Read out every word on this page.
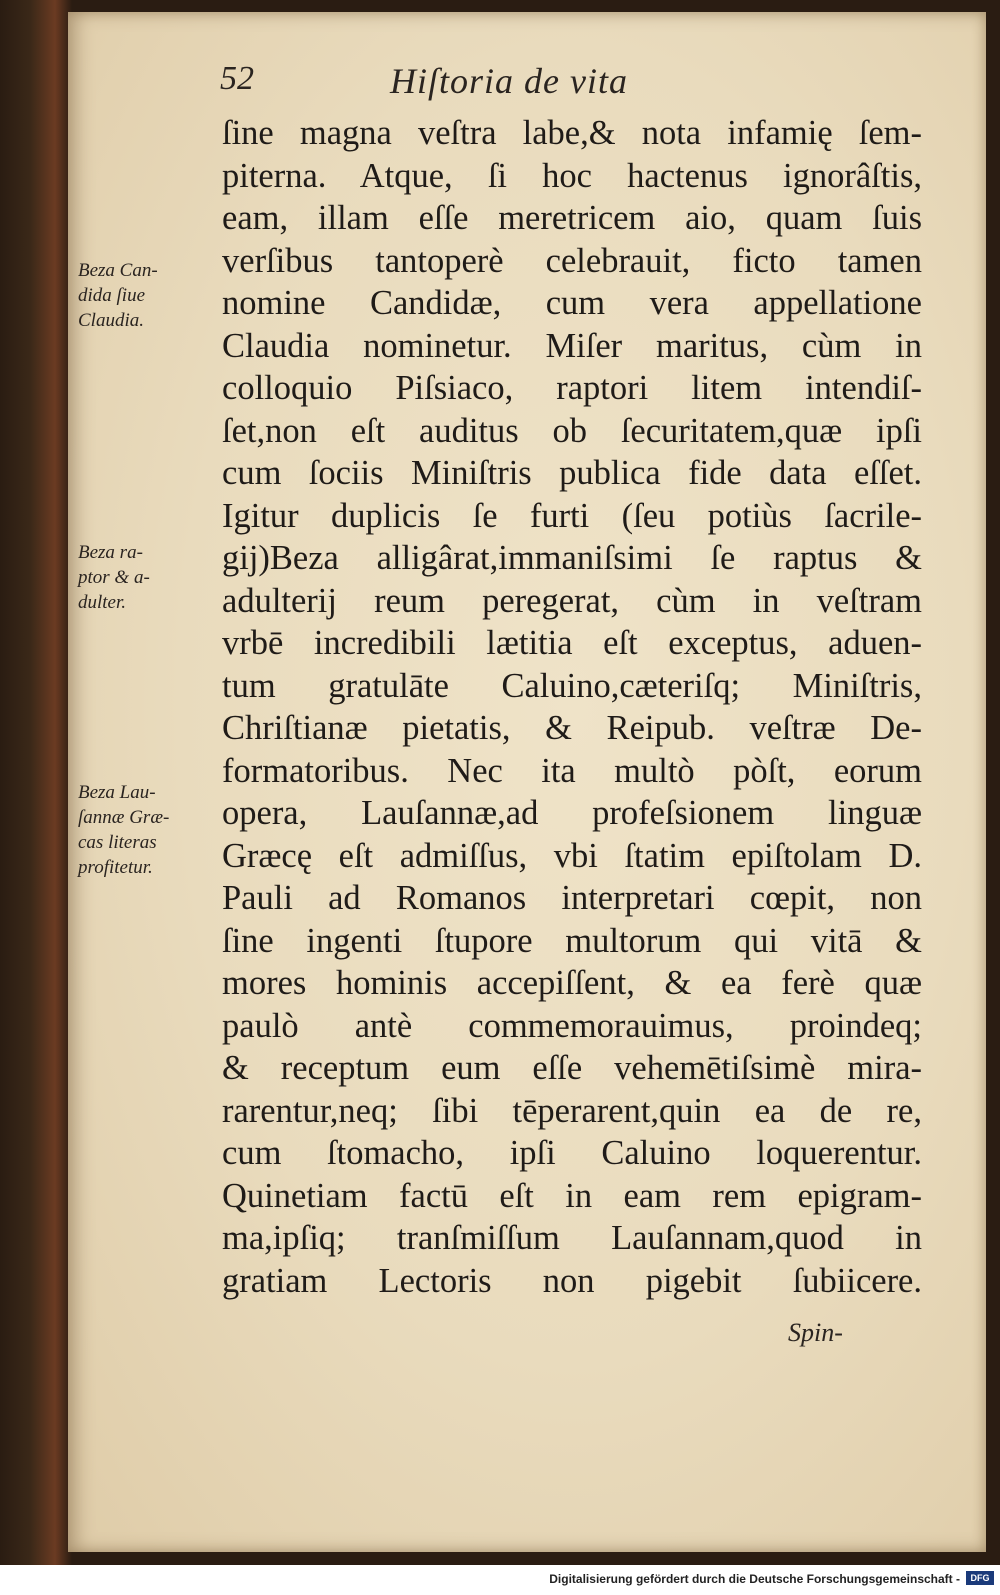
52	Hiſtoria de vita
ſine magna veſtra labe,& nota infamię ſem-
piterna. Atque, ſi hoc hactenus ignorâſtis,
eam, illam eſſe meretricem aio, quam ſuis
verſibus tantoperè celebrauit, ficto tamen
nomine Candidæ, cum vera appellatione
Claudia nominetur. Miſer maritus, cùm in
colloquio Piſsiaco, raptori litem intendiſ-
ſet,non eſt auditus ob ſecuritatem,quæ ipſi
cum ſociis Miniſtris publica fide data eſſet.
Igitur duplicis ſe furti (ſeu potiùs ſacrile-
gij)Beza alligârat,immaniſsimi ſe raptus &
adulterij reum peregerat, cùm in veſtram
vrbē incredibili lætitia eſt exceptus, aduen-
tum gratulāte Caluino,cæteriſq; Miniſtris,
Chriſtianæ pietatis, & Reipub. veſtræ De-
formatoribus. Nec ita multò pòſt, eorum
opera, Lauſannæ,ad profeſsionem linguæ
Græcę eſt admiſſus, vbi ſtatim epiſtolam D.
Pauli ad Romanos interpretari cœpit, non
ſine ingenti ſtupore multorum qui vitā &
mores hominis accepiſſent, & ea ferè quæ
paulò antè commemorauimus, proindeq;
& receptum eum eſſe vehemētiſsimè mira-
rarentur,neq; ſibi tēperarent,quin ea de re,
cum ſtomacho, ipſi Caluino loquerentur.
Quinetiam factū eſt in eam rem epigram-
ma,ipſiq; tranſmiſſum Lauſannam,quod in
gratiam Lectoris non pigebit ſubiicere.
Beza Can-
dida ſiue
Claudia.
Beza ra-
ptor & a-
dulter.
Beza Lau-
ſannæ Græ-
cas literas
profitetur.
Spin-
Digitalisierung gefördert durch die Deutsche Forschungsgemeinschaft -	DFG
